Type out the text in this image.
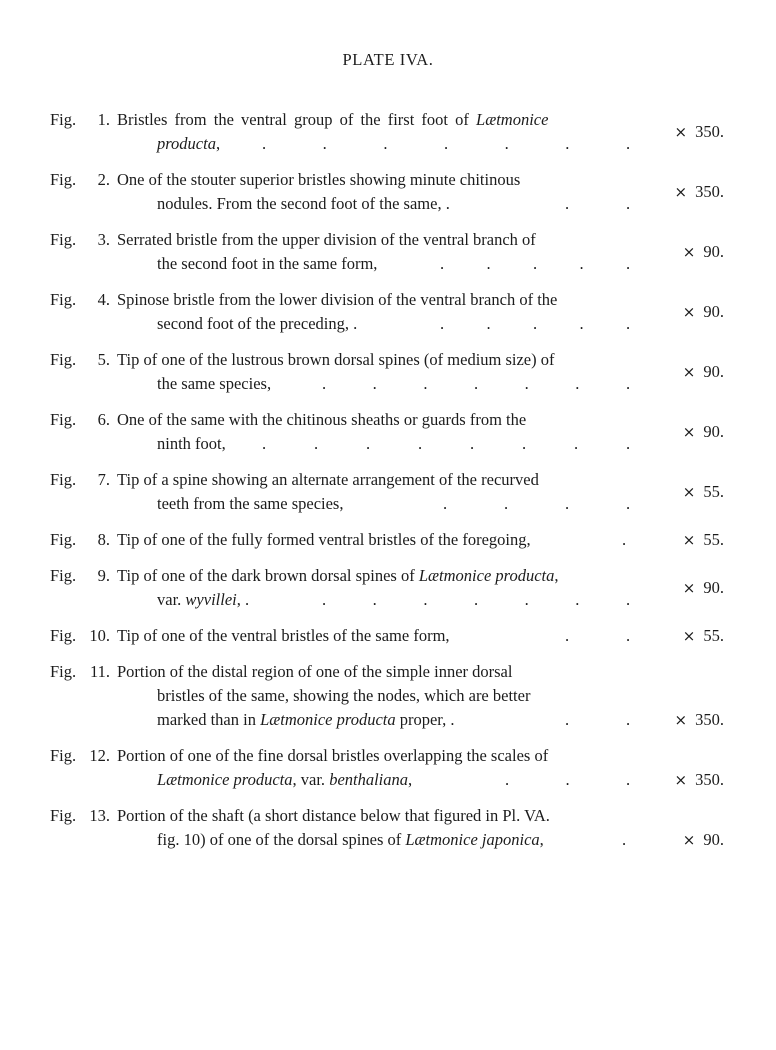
PLATE IVA.
Fig.	1. Bristles from the ventral group of the first foot of Lætmonice
producta,	.	.	.	.	.	.	.
× 350.
Fig.	2. One of the stouter superior bristles showing minute chitinous
nodules. From the second foot of the same, .	.	.
× 350.
Fig.	3. Serrated bristle from the upper division of the ventral branch of
the second foot in the same form,	.	.	.	.	.
× 90.
Fig.	4. Spinose bristle from the lower division of the ventral branch of the
second foot of the preceding, .	.	.	.	.	.
× 90.
Fig.	5. Tip of one of the lustrous brown dorsal spines (of medium size) of
the same species,	.	.	.	.	.	.	.
× 90.
Fig.	6. One of the same with the chitinous sheaths or guards from the
ninth foot, .	.	.	.	.	.	.	.
× 90.
Fig.	7. Tip of a spine showing an alternate arrangement of the recurved
teeth from the same species,	.	.	.	.
× 55.
Fig.	8. Tip of one of the fully formed ventral bristles of the foregoing,	.	× 55.
Fig.	9. Tip of one of the dark brown dorsal spines of Lætmonice producta,
var. wyvillei, .	.	.	.	.	.	.	.
× 90.
Fig. 10. Tip of one of the ventral bristles of the same form,	.	.	× 55.
Fig. 11. Portion of the distal region of one of the simple inner dorsal
bristles of the same, showing the nodes, which are better
marked than in Lætmonice producta proper, .	.	.	× 350.
Fig. 12. Portion of one of the fine dorsal bristles overlapping the scales of
Lætmonice producta, var. benthaliana,	.	.	.	× 350.
Fig. 13. Portion of the shaft (a short distance below that figured in Pl. VA.
fig. 10) of one of the dorsal spines of Lætmonice japonica,	.	× 90.
